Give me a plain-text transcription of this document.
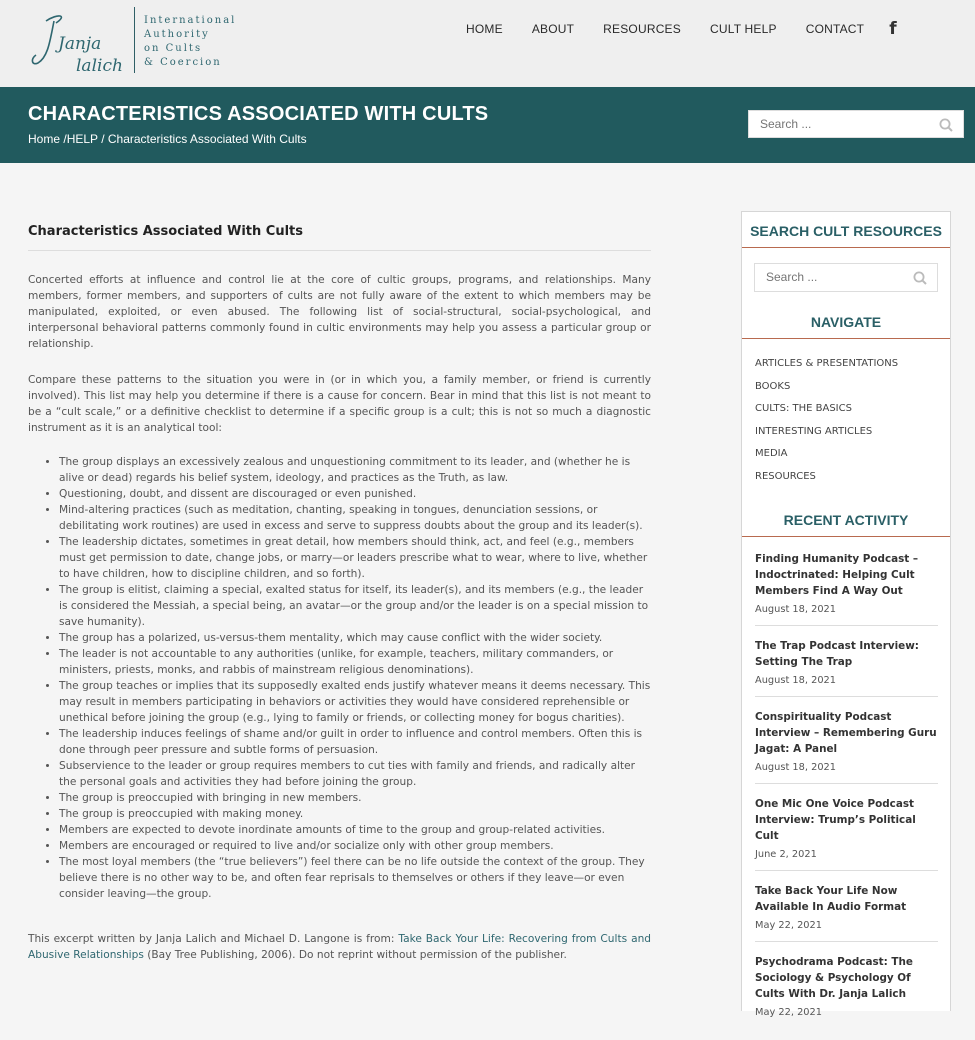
Janja
lalich
International
Authority
on Cults
& Coercion
HOME ABOUT RESOURCES CULT HELP CONTACT f
CHARACTERISTICS ASSOCIATED WITH CULTS
Home /HELP / Characteristics Associated With Cults
Search ...
Characteristics Associated With Cults

Concerted efforts at influence and control lie at the core of cultic groups, programs, and relationships. Many members, former members, and supporters of cults are not fully aware of the extent to which members may be manipulated, exploited, or even abused. The following list of social-structural, social-psychological, and interpersonal behavioral patterns commonly found in cultic environments may help you assess a particular group or relationship.

Compare these patterns to the situation you were in (or in which you, a family member, or friend is currently involved). This list may help you determine if there is a cause for concern. Bear in mind that this list is not meant to be a “cult scale,” or a definitive checklist to determine if a specific group is a cult; this is not so much a diagnostic instrument as it is an analytical tool:

• The group displays an excessively zealous and unquestioning commitment to its leader, and (whether he is alive or dead) regards his belief system, ideology, and practices as the Truth, as law.
• Questioning, doubt, and dissent are discouraged or even punished.
• Mind-altering practices (such as meditation, chanting, speaking in tongues, denunciation sessions, or debilitating work routines) are used in excess and serve to suppress doubts about the group and its leader(s).
• The leadership dictates, sometimes in great detail, how members should think, act, and feel (e.g., members must get permission to date, change jobs, or marry—or leaders prescribe what to wear, where to live, whether to have children, how to discipline children, and so forth).
• The group is elitist, claiming a special, exalted status for itself, its leader(s), and its members (e.g., the leader is considered the Messiah, a special being, an avatar—or the group and/or the leader is on a special mission to save humanity).
• The group has a polarized, us-versus-them mentality, which may cause conflict with the wider society.
• The leader is not accountable to any authorities (unlike, for example, teachers, military commanders, or ministers, priests, monks, and rabbis of mainstream religious denominations).
• The group teaches or implies that its supposedly exalted ends justify whatever means it deems necessary. This may result in members participating in behaviors or activities they would have considered reprehensible or unethical before joining the group (e.g., lying to family or friends, or collecting money for bogus charities).
• The leadership induces feelings of shame and/or guilt in order to influence and control members. Often this is done through peer pressure and subtle forms of persuasion.
• Subservience to the leader or group requires members to cut ties with family and friends, and radically alter the personal goals and activities they had before joining the group.
• The group is preoccupied with bringing in new members.
• The group is preoccupied with making money.
• Members are expected to devote inordinate amounts of time to the group and group-related activities.
• Members are encouraged or required to live and/or socialize only with other group members.
• The most loyal members (the “true believers”) feel there can be no life outside the context of the group. They believe there is no other way to be, and often fear reprisals to themselves or others if they leave—or even consider leaving—the group.

This excerpt written by Janja Lalich and Michael D. Langone is from: Take Back Your Life: Recovering from Cults and Abusive Relationships (Bay Tree Publishing, 2006). Do not reprint without permission of the publisher.

SEARCH CULT RESOURCES
Search ...
NAVIGATE
ARTICLES & PRESENTATIONS
BOOKS
CULTS: THE BASICS
INTERESTING ARTICLES
MEDIA
RESOURCES
RECENT ACTIVITY
Finding Humanity Podcast – Indoctrinated: Helping Cult Members Find A Way Out
August 18, 2021
The Trap Podcast Interview: Setting The Trap
August 18, 2021
Conspirituality Podcast Interview – Remembering Guru Jagat: A Panel
August 18, 2021
One Mic One Voice Podcast Interview: Trump’s Political Cult
June 2, 2021
Take Back Your Life Now Available In Audio Format
May 22, 2021
Psychodrama Podcast: The Sociology & Psychology Of Cults With Dr. Janja Lalich
May 22, 2021
